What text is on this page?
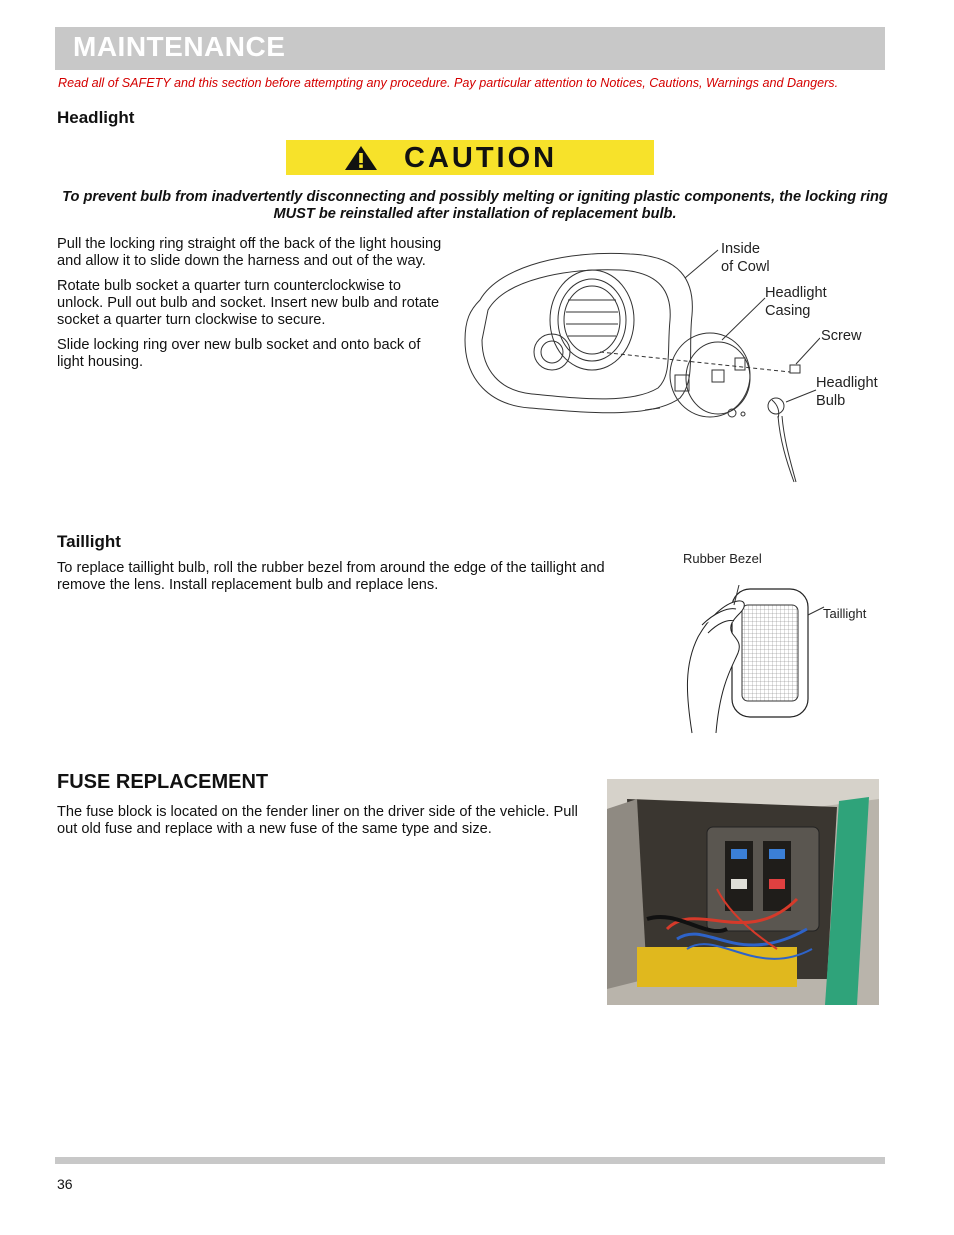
MAINTENANCE
Read all of SAFETY and this section before attempting any procedure. Pay particular attention to Notices, Cautions, Warnings and Dangers.
Headlight
CAUTION
To prevent bulb from inadvertently disconnecting and possibly melting or igniting plastic components, the locking ring MUST be reinstalled after installation of replacement bulb.

Pull the locking ring straight off the back of the light housing and allow it to slide down the harness and out of the way.

Rotate bulb socket a quarter turn counterclockwise to unlock. Pull out bulb and socket. Insert new bulb and rotate socket a quarter turn clockwise to secure.

Slide locking ring over new bulb socket and onto back of light housing.

Inside
of Cowl
Headlight
Casing
Screw
Headlight
Bulb
Taillight
To replace taillight bulb, roll the rubber bezel from around the edge of the taillight and remove the lens. Install replacement bulb and replace lens.
Rubber Bezel
Taillight
FUSE REPLACEMENT
The fuse block is located on the fender liner on the driver side of the vehicle. Pull out old fuse and replace with a new fuse of the same type and size.
36
